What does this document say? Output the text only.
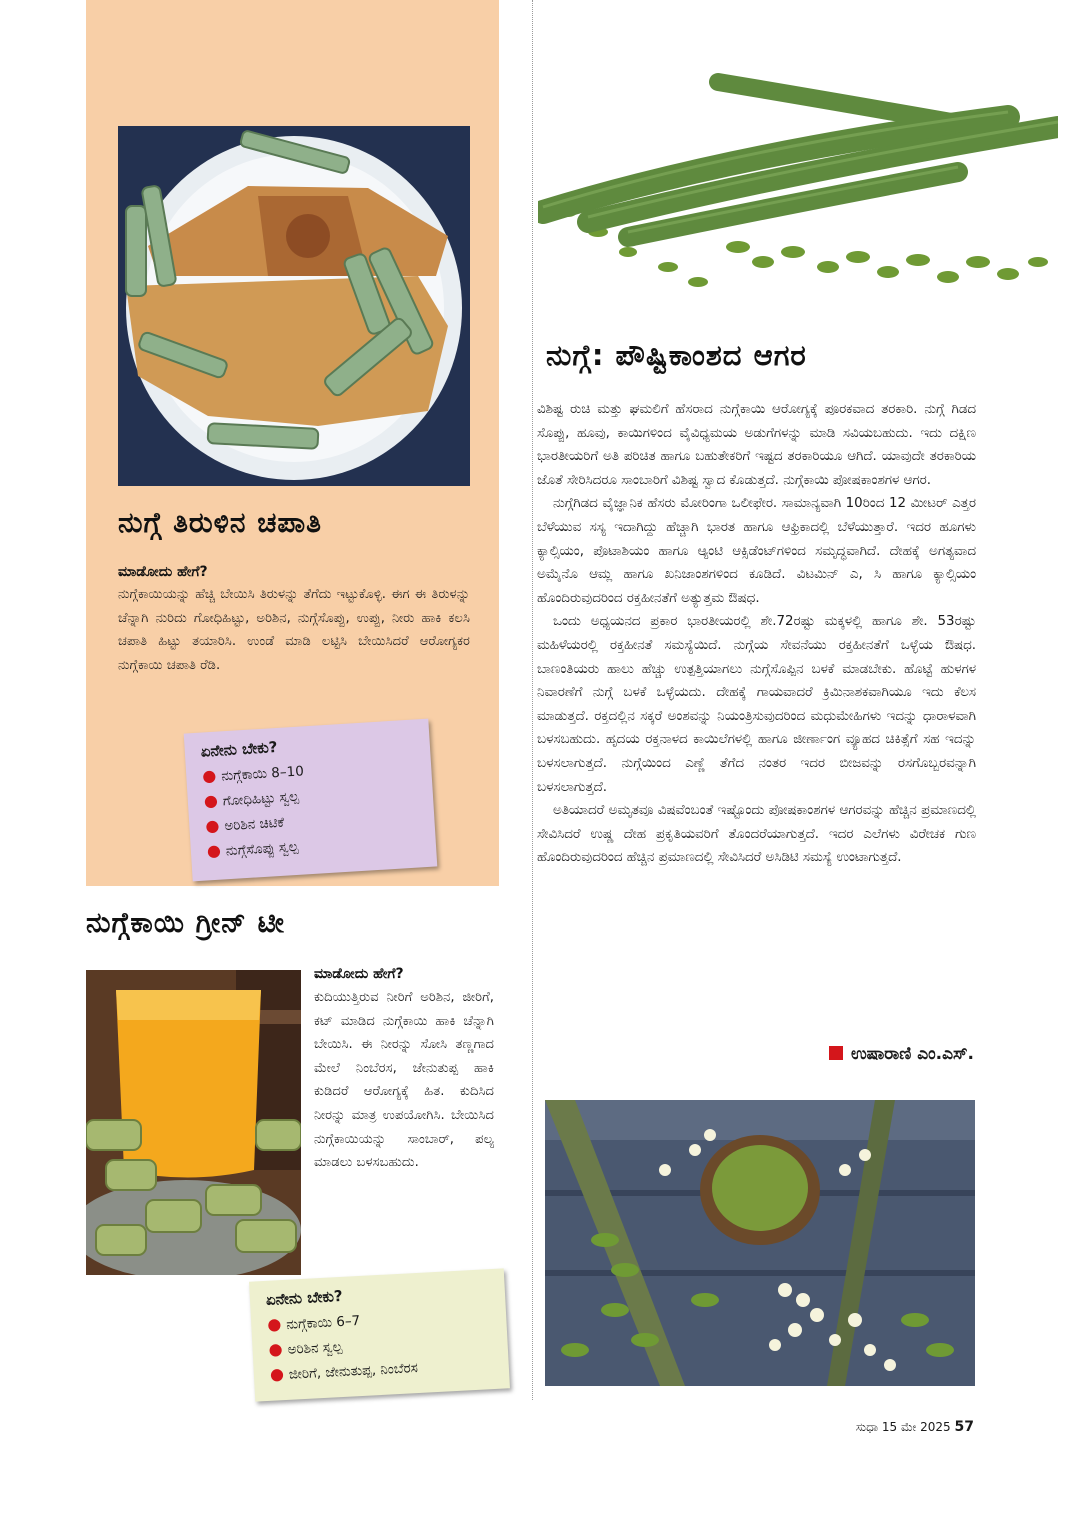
ನುಗ್ಗೆ ತಿರುಳಿನ ಚಪಾತಿ
ಮಾಡೋದು ಹೇಗೆ?
ನುಗ್ಗೆಕಾಯಿಯನ್ನು ಹೆಚ್ಚಿ ಬೇಯಿಸಿ ತಿರುಳನ್ನು ತೆಗೆದು ಇಟ್ಟುಕೊಳ್ಳಿ. ಈಗ ಈ ತಿರುಳನ್ನು ಚೆನ್ನಾಗಿ ನುರಿದು ಗೋಧಿಹಿಟ್ಟು, ಅರಿಶಿನ, ನುಗ್ಗೆಸೊಪ್ಪು, ಉಪ್ಪು, ನೀರು ಹಾಕಿ ಕಲಸಿ ಚಪಾತಿ ಹಿಟ್ಟು ತಯಾರಿಸಿ. ಉಂಡೆ ಮಾಡಿ ಲಟ್ಟಿಸಿ ಬೇಯಿಸಿದರೆ ಆರೋಗ್ಯಕರ ನುಗ್ಗೆಕಾಯಿ ಚಪಾತಿ ರೆಡಿ.
ಏನೇನು ಬೇಕು?
● ನುಗ್ಗೆಕಾಯಿ 8–10
● ಗೋಧಿಹಿಟ್ಟು ಸ್ವಲ್ಪ
● ಅರಿಶಿನ ಚಿಟಿಕೆ
● ನುಗ್ಗೆಸೊಪ್ಪು ಸ್ವಲ್ಪ
ನುಗ್ಗೆಕಾಯಿ ಗ್ರೀನ್ ಟೀ
ಮಾಡೋದು ಹೇಗೆ?
ಕುದಿಯುತ್ತಿರುವ ನೀರಿಗೆ ಅರಿಶಿನ, ಜೀರಿಗೆ, ಕಟ್ ಮಾಡಿದ ನುಗ್ಗೆಕಾಯಿ ಹಾಕಿ ಚೆನ್ನಾಗಿ ಬೇಯಿಸಿ. ಈ ನೀರನ್ನು ಸೋಸಿ ತಣ್ಣಗಾದ ಮೇಲೆ ನಿಂಬೆರಸ, ಜೇನುತುಪ್ಪ ಹಾಕಿ ಕುಡಿದರೆ ಆರೋಗ್ಯಕ್ಕೆ ಹಿತ. ಕುದಿಸಿದ ನೀರನ್ನು ಮಾತ್ರ ಉಪಯೋಗಿಸಿ. ಬೇಯಿಸಿದ ನುಗ್ಗೆಕಾಯಿಯನ್ನು ಸಾಂಬಾರ್, ಪಲ್ಯ ಮಾಡಲು ಬಳಸಬಹುದು.
ಏನೇನು ಬೇಕು?
● ನುಗ್ಗೆಕಾಯಿ 6–7
● ಅರಿಶಿನ ಸ್ವಲ್ಪ
● ಜೀರಿಗೆ, ಜೇನುತುಪ್ಪ, ನಿಂಬೆರಸ
ನುಗ್ಗೆ: ಪೌಷ್ಟಿಕಾಂಶದ ಆಗರ

ವಿಶಿಷ್ಟ ರುಚಿ ಮತ್ತು ಘಮಲಿಗೆ ಹೆಸರಾದ ನುಗ್ಗೆಕಾಯಿ ಆರೋಗ್ಯಕ್ಕೆ ಪೂರಕವಾದ ತರಕಾರಿ. ನುಗ್ಗೆ ಗಿಡದ ಸೊಪ್ಪು, ಹೂವು, ಕಾಯಿಗಳಿಂದ ವೈವಿಧ್ಯಮಯ ಅಡುಗೆಗಳನ್ನು ಮಾಡಿ ಸವಿಯಬಹುದು. ಇದು ದಕ್ಷಿಣ ಭಾರತೀಯರಿಗೆ ಅತಿ ಪರಿಚಿತ ಹಾಗೂ ಬಹುತೇಕರಿಗೆ ಇಷ್ಟದ ತರಕಾರಿಯೂ ಆಗಿದೆ. ಯಾವುದೇ ತರಕಾರಿಯ ಜೊತೆ ಸೇರಿಸಿದರೂ ಸಾಂಬಾರಿಗೆ ವಿಶಿಷ್ಟ ಸ್ವಾದ ಕೊಡುತ್ತದೆ. ನುಗ್ಗೆಕಾಯಿ ಪೋಷಕಾಂಶಗಳ ಆಗರ.

ನುಗ್ಗೆಗಿಡದ ವೈಜ್ಞಾನಿಕ ಹೆಸರು ಮೋರಿಂಗಾ ಒಲೀಫೇರ. ಸಾಮಾನ್ಯವಾಗಿ 10ರಿಂದ 12 ಮೀಟರ್ ಎತ್ತರ ಬೆಳೆಯುವ ಸಸ್ಯ ಇದಾಗಿದ್ದು ಹೆಚ್ಚಾಗಿ ಭಾರತ ಹಾಗೂ ಆಫ್ರಿಕಾದಲ್ಲಿ ಬೆಳೆಯುತ್ತಾರೆ. ಇದರ ಹೂಗಳು ಕ್ಯಾಲ್ಸಿಯಂ, ಪೊಟಾಶಿಯಂ ಹಾಗೂ ಆ್ಯಂಟಿ ಆಕ್ಸಿಡೆಂಟ್‌ಗಳಿಂದ ಸಮೃದ್ಧವಾಗಿದೆ. ದೇಹಕ್ಕೆ ಅಗತ್ಯವಾದ ಅಮೈನೊ ಆಮ್ಲ ಹಾಗೂ ಖನಿಜಾಂಶಗಳಿಂದ ಕೂಡಿದೆ. ವಿಟಮಿನ್ ಎ, ಸಿ ಹಾಗೂ ಕ್ಯಾಲ್ಸಿಯಂ ಹೊಂದಿರುವುದರಿಂದ ರಕ್ತಹೀನತೆಗೆ ಅತ್ಯುತ್ತಮ ಔಷಧ.

ಒಂದು ಅಧ್ಯಯನದ ಪ್ರಕಾರ ಭಾರತೀಯರಲ್ಲಿ ಶೇ.72ರಷ್ಟು ಮಕ್ಕಳಲ್ಲಿ ಹಾಗೂ ಶೇ. 53ರಷ್ಟು ಮಹಿಳೆಯರಲ್ಲಿ ರಕ್ತಹೀನತೆ ಸಮಸ್ಯೆಯಿದೆ. ನುಗ್ಗೆಯ ಸೇವನೆಯು ರಕ್ತಹೀನತೆಗೆ ಒಳ್ಳೆಯ ಔಷಧ. ಬಾಣಂತಿಯರು ಹಾಲು ಹೆಚ್ಚು ಉತ್ಪತ್ತಿಯಾಗಲು ನುಗ್ಗೆಸೊಪ್ಪಿನ ಬಳಕೆ ಮಾಡಬೇಕು. ಹೊಟ್ಟೆ ಹುಳಗಳ ನಿವಾರಣೆಗೆ ನುಗ್ಗೆ ಬಳಕೆ ಒಳ್ಳೆಯದು. ದೇಹಕ್ಕೆ ಗಾಯವಾದರೆ ಕ್ರಿಮಿನಾಶಕವಾಗಿಯೂ ಇದು ಕೆಲಸ ಮಾಡುತ್ತದೆ. ರಕ್ತದಲ್ಲಿನ ಸಕ್ಕರೆ ಅಂಶವನ್ನು ನಿಯಂತ್ರಿಸುವುದರಿಂದ ಮಧುಮೇಹಿಗಳು ಇದನ್ನು ಧಾರಾಳವಾಗಿ ಬಳಸಬಹುದು. ಹೃದಯ ರಕ್ತನಾಳದ ಕಾಯಿಲೆಗಳಲ್ಲಿ ಹಾಗೂ ಜೀರ್ಣಾಂಗ ವ್ಯೂಹದ ಚಿಕಿತ್ಸೆಗೆ ಸಹ ಇದನ್ನು ಬಳಸಲಾಗುತ್ತದೆ. ನುಗ್ಗೆಯಿಂದ ಎಣ್ಣೆ ತೆಗೆದ ನಂತರ ಇದರ ಬೀಜವನ್ನು ರಸಗೊಬ್ಬರವನ್ನಾಗಿ ಬಳಸಲಾಗುತ್ತದೆ.

ಅತಿಯಾದರೆ ಅಮೃತವೂ ವಿಷವೆಂಬಂತೆ ಇಷ್ಟೊಂದು ಪೋಷಕಾಂಶಗಳ ಆಗರವನ್ನು ಹೆಚ್ಚಿನ ಪ್ರಮಾಣದಲ್ಲಿ ಸೇವಿಸಿದರೆ ಉಷ್ಣ ದೇಹ ಪ್ರಕೃತಿಯವರಿಗೆ ತೊಂದರೆಯಾಗುತ್ತದೆ. ಇದರ ಎಲೆಗಳು ವಿರೇಚಕ ಗುಣ ಹೊಂದಿರುವುದರಿಂದ ಹೆಚ್ಚಿನ ಪ್ರಮಾಣದಲ್ಲಿ ಸೇವಿಸಿದರೆ ಅಸಿಡಿಟಿ ಸಮಸ್ಯೆ ಉಂಟಾಗುತ್ತದೆ.

ಉಷಾರಾಣಿ ಎಂ.ಎಸ್.
ಸುಧಾ 15 ಮೇ 2025 57
